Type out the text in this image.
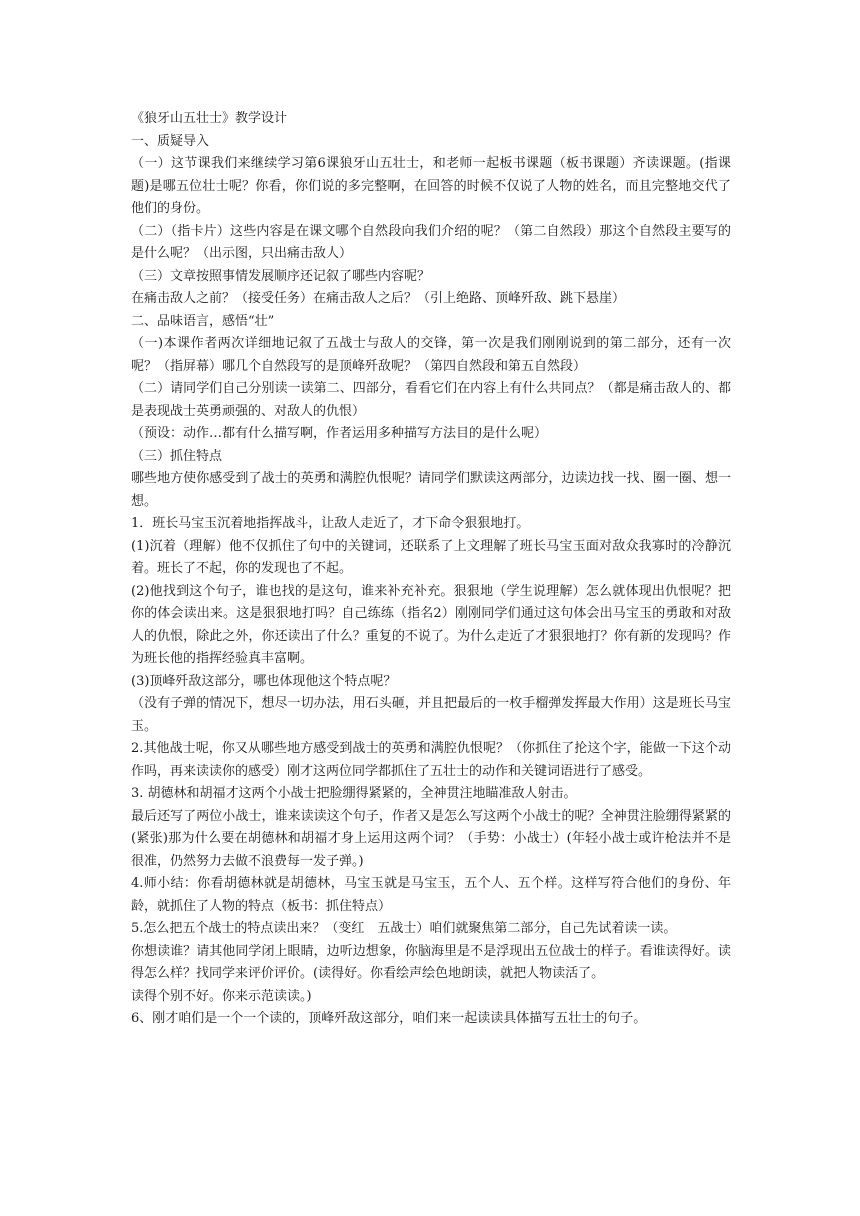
《狼牙山五壮士》教学设计

一、质疑导入

（一）这节课我们来继续学习第6课狼牙山五壮士，和老师一起板书课题（板书课题）齐读课题。(指课题)是哪五位壮士呢？你看，你们说的多完整啊，在回答的时候不仅说了人物的姓名，而且完整地交代了他们的身份。

（二）（指卡片）这些内容是在课文哪个自然段向我们介绍的呢？（第二自然段）那这个自然段主要写的是什么呢？（出示图，只出痛击敌人）

（三）文章按照事情发展顺序还记叙了哪些内容呢？

在痛击敌人之前？（接受任务）在痛击敌人之后？（引上绝路、顶峰歼敌、跳下悬崖）

二、品味语言，感悟“壮”

（一)本课作者两次详细地记叙了五战士与敌人的交锋，第一次是我们刚刚说到的第二部分，还有一次呢？（指屏幕）哪几个自然段写的是顶峰歼敌呢？（第四自然段和第五自然段）

（二）请同学们自己分别读一读第二、四部分，看看它们在内容上有什么共同点？（都是痛击敌人的、都是表现战士英勇顽强的、对敌人的仇恨）

（预设：动作…都有什么描写啊，作者运用多种描写方法目的是什么呢）

（三）抓住特点

哪些地方使你感受到了战士的英勇和满腔仇恨呢？请同学们默读这两部分，边读边找一找、圈一圈、想一想。

1．班长马宝玉沉着地指挥战斗，让敌人走近了，才下命令狠狠地打。

(1)沉着（理解）他不仅抓住了句中的关键词，还联系了上文理解了班长马宝玉面对敌众我寡时的冷静沉着。班长了不起，你的发现也了不起。

(2)他找到这个句子，谁也找的是这句，谁来补充补充。狠狠地（学生说理解）怎么就体现出仇恨呢？把你的体会读出来。这是狠狠地打吗？自己练练（指名2）刚刚同学们通过这句体会出马宝玉的勇敢和对敌人的仇恨，除此之外，你还读出了什么？重复的不说了。为什么走近了才狠狠地打？你有新的发现吗？作为班长他的指挥经验真丰富啊。

(3)顶峰歼敌这部分，哪也体现他这个特点呢？

（没有子弹的情况下，想尽一切办法，用石头砸，并且把最后的一枚手榴弹发挥最大作用）这是班长马宝玉。

2.其他战士呢，你又从哪些地方感受到战士的英勇和满腔仇恨呢？（你抓住了抡这个字，能做一下这个动作吗，再来读读你的感受）刚才这两位同学都抓住了五壮士的动作和关键词语进行了感受。

3. 胡德林和胡福才这两个小战士把脸绷得紧紧的，全神贯注地瞄准敌人射击。

最后还写了两位小战士，谁来读读这个句子，作者又是怎么写这两个小战士的呢？全神贯注脸绷得紧紧的(紧张)那为什么要在胡德林和胡福才身上运用这两个词？（手势：小战士）(年轻小战士或许枪法并不是很准，仍然努力去做不浪费每一发子弹。)

4.师小结：你看胡德林就是胡德林，马宝玉就是马宝玉，五个人、五个样。这样写符合他们的身份、年龄，就抓住了人物的特点（板书：抓住特点）

5.怎么把五个战士的特点读出来？（变红　五战士）咱们就聚焦第二部分，自己先试着读一读。

你想读谁？请其他同学闭上眼睛，边听边想象，你脑海里是不是浮现出五位战士的样子。看谁读得好。读得怎么样？找同学来评价评价。(读得好。你看绘声绘色地朗读，就把人物读活了。

读得个别不好。你来示范读读。)

6、刚才咱们是一个一个读的，顶峰歼敌这部分，咱们来一起读读具体描写五壮士的句子。
